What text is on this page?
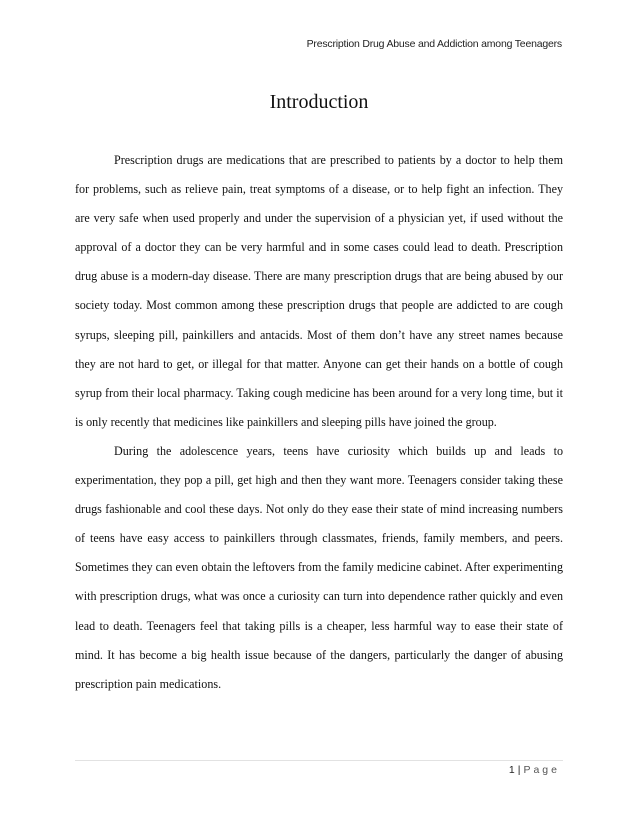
Prescription Drug Abuse and Addiction among Teenagers
Introduction

Prescription drugs are medications that are prescribed to patients by a doctor to help them for problems, such as relieve pain, treat symptoms of a disease, or to help fight an infection. They are very safe when used properly and under the supervision of a physician yet, if used without the approval of a doctor they can be very harmful and in some cases could lead to death. Prescription drug abuse is a modern-day disease. There are many prescription drugs that are being abused by our society today. Most common among these prescription drugs that people are addicted to are cough syrups, sleeping pill, painkillers and antacids. Most of them don’t have any street names because they are not hard to get, or illegal for that matter. Anyone can get their hands on a bottle of cough syrup from their local pharmacy. Taking cough medicine has been around for a very long time, but it is only recently that medicines like painkillers and sleeping pills have joined the group.

During the adolescence years, teens have curiosity which builds up and leads to experimentation, they pop a pill, get high and then they want more. Teenagers consider taking these drugs fashionable and cool these days. Not only do they ease their state of mind increasing numbers of teens have easy access to painkillers through classmates, friends, family members, and peers. Sometimes they can even obtain the leftovers from the family medicine cabinet. After experimenting with prescription drugs, what was once a curiosity can turn into dependence rather quickly and even lead to death. Teenagers feel that taking pills is a cheaper, less harmful way to ease their state of mind. It has become a big health issue because of the dangers, particularly the danger of abusing prescription pain medications.

1 | Page
